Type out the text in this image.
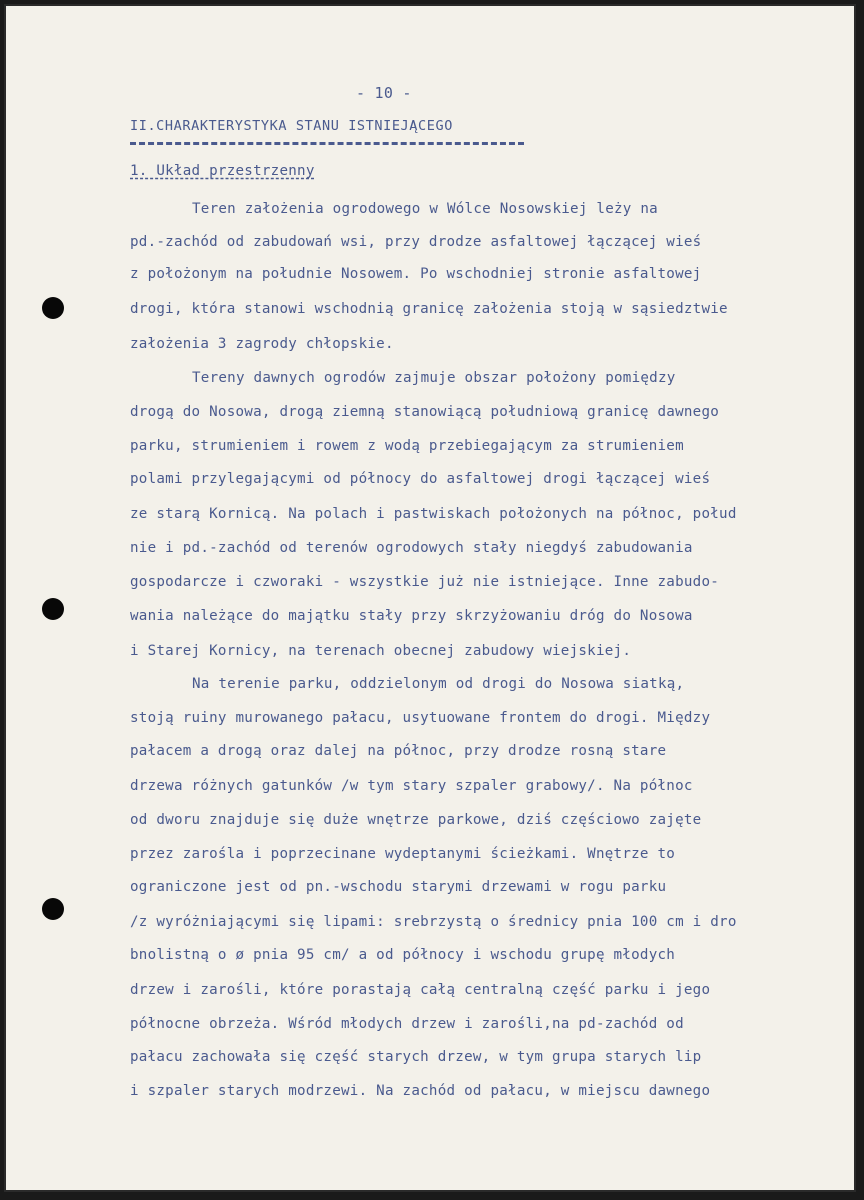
- 10 -
II.CHARAKTERYSTYKA STANU ISTNIEJĄCEGO
1. Układ przestrzenny

Teren założenia ogrodowego w Wólce Nosowskiej leży na

pd.-zachód od zabudowań wsi, przy drodze asfaltowej łączącej wieś

z położonym na południe Nosowem. Po wschodniej stronie asfaltowej

drogi, która stanowi wschodnią granicę założenia stoją w sąsiedztwie

założenia 3 zagrody chłopskie.

Tereny dawnych ogrodów zajmuje obszar położony pomiędzy

drogą do Nosowa, drogą ziemną stanowiącą południową granicę dawnego

parku, strumieniem i rowem z wodą przebiegającym za strumieniem

polami przylegającymi od północy do asfaltowej drogi łączącej wieś

ze starą Kornicą. Na polach i pastwiskach położonych na północ, połud

nie i pd.-zachód od terenów ogrodowych stały niegdyś zabudowania

gospodarcze i czworaki - wszystkie już nie istniejące. Inne zabudo-

wania należące do majątku stały przy skrzyżowaniu dróg do Nosowa

i Starej Kornicy, na terenach obecnej zabudowy wiejskiej.

Na terenie parku, oddzielonym od drogi do Nosowa siatką,

stoją ruiny murowanego pałacu, usytuowane frontem do drogi. Między

pałacem a drogą oraz dalej na północ, przy drodze rosną stare

drzewa różnych gatunków /w tym stary szpaler grabowy/. Na północ

od dworu znajduje się duże wnętrze parkowe, dziś częściowo zajęte

przez zarośla i poprzecinane wydeptanymi ścieżkami. Wnętrze to

ograniczone jest od pn.-wschodu starymi drzewami w rogu parku

/z wyróżniającymi się lipami: srebrzystą o średnicy pnia 100 cm i dro

bnolistną o ø pnia 95 cm/ a od północy i wschodu grupę młodych

drzew i zarośli, które porastają całą centralną część parku i jego

północne obrzeża. Wśród młodych drzew i zarośli,na pd-zachód od

pałacu zachowała się część starych drzew, w tym grupa starych lip

i szpaler starych modrzewi. Na zachód od pałacu, w miejscu dawnego
